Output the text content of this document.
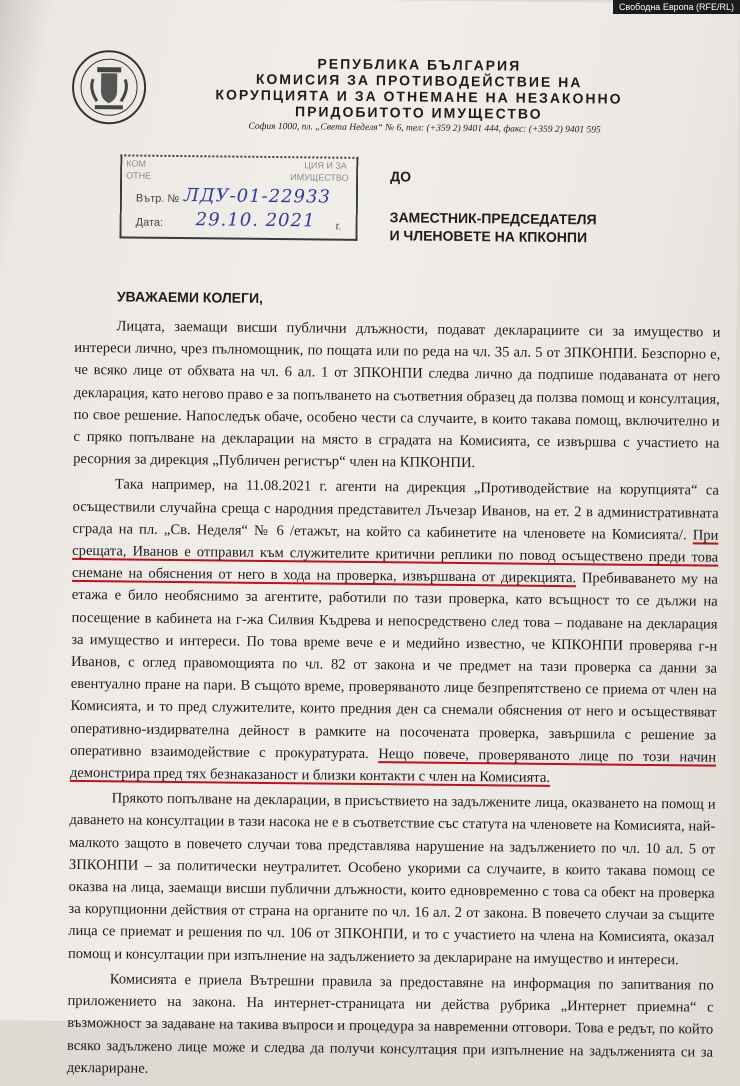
Свободна Европа (RFE/RL)
РЕПУБЛИКА БЪЛГАРИЯ
КОМИСИЯ ЗА ПРОТИВОДЕЙСТВИЕ НА
КОРУПЦИЯТА И ЗА ОТНЕМАНЕ НА НЕЗАКОННО
ПРИДОБИТОТО ИМУЩЕСТВО
София 1000, пл. „Света Неделя“ № 6, тел: (+359 2) 9401 444, факс: (+359 2) 9401 595
КОМ	ЦИЯ И ЗА
ОТНЕ	ИМУЩЕСТВО
Вътр. № ЛДУ-01-22933
Дата: 29.10. 2021 г.
ДО
ЗАМЕСТНИК-ПРЕДСЕДАТЕЛЯ
И ЧЛЕНОВЕТЕ НА КПКОНПИ
УВАЖАЕМИ КОЛЕГИ,

Лицата, заемащи висши публични длъжности, подават декларациите си за имущество и интереси лично, чрез пълномощник, по пощата или по реда на чл. 35 ал. 5 от ЗПКОНПИ. Безспорно е, че всяко лице от обхвата на чл. 6 ал. 1 от ЗПКОНПИ следва лично да подпише подаваната от него декларация, като негово право е за попълването на съответния образец да ползва помощ и консултация, по свое решение. Напоследък обаче, особено чести са случаите, в които такава помощ, включително и с пряко попълване на декларации на място в сградата на Комисията, се извършва с участието на ресорния за дирекция „Публичен регистър“ член на КПКОНПИ.

Така например, на 11.08.2021 г. агенти на дирекция „Противодействие на корупцията“ са осъществили случайна среща с народния представител Лъчезар Иванов, на ет. 2 в административната сграда на пл. „Св. Неделя“ № 6 /етажът, на който са кабинетите на членовете на Комисията/. При срещата, Иванов е отправил към служителите критични реплики по повод осъществено преди това снемане на обяснения от него в хода на проверка, извършвана от дирекцията. Пребиваването му на етажа е било необяснимо за агентите, работили по тази проверка, като всъщност то се дължи на посещение в кабинета на г-жа Силвия Къдрева и непосредствено след това – подаване на декларация за имущество и интереси. По това време вече е и медийно известно, че КПКОНПИ проверява г-н Иванов, с оглед правомощията по чл. 82 от закона и че предмет на тази проверка са данни за евентуално пране на пари. В същото време, проверяваното лице безпрепятствено се приема от член на Комисията, и то пред служителите, които предния ден са снемали обяснения от него и осъществяват оперативно-издирвателна дейност в рамките на посочената проверка, завършила с решение за оперативно взаимодействие с прокуратурата. Нещо повече, проверяваното лице по този начин демонстрира пред тях безнаказаност и близки контакти с член на Комисията.

Прякото попълване на декларации, в присъствието на задължените лица, оказването на помощ и даването на консултации в тази насока не е в съответствие със статута на членовете на Комисията, най-малкото защото в повечето случаи това представлява нарушение на задължението по чл. 10 ал. 5 от ЗПКОНПИ – за политически неутралитет. Особено укорими са случаите, в които такава помощ се оказва на лица, заемащи висши публични длъжности, които едновременно с това са обект на проверка за корупционни действия от страна на органите по чл. 16 ал. 2 от закона. В повечето случаи за същите лица се приемат и решения по чл. 106 от ЗПКОНПИ, и то с участието на члена на Комисията, оказал помощ и консултации при изпълнение на задължението за деклариране на имущество и интереси.

Комисията е приела Вътрешни правила за предоставяне на информация по запитвания по приложението на закона. На интернет-страницата ни действа рубрика „Интернет приемна“ с възможност за задаване на такива въпроси и процедура за навременни отговори. Това е редът, по който всяко задължено лице може и следва да получи консултация при изпълнение на задълженията си за деклариране.
